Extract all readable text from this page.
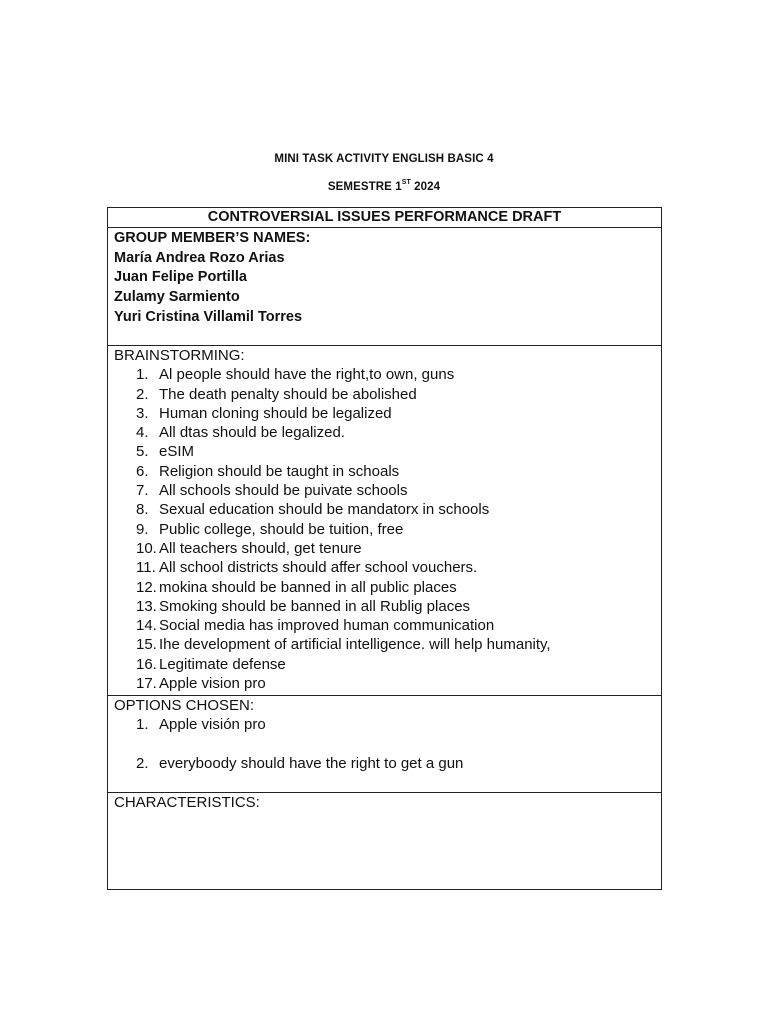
MINI TASK ACTIVITY ENGLISH BASIC 4
SEMESTRE 1ST 2024
CONTROVERSIAL ISSUES PERFORMANCE DRAFT

GROUP MEMBER’S NAMES:
María Andrea Rozo Arias
Juan Felipe Portilla
Zulamy Sarmiento
Yuri Cristina Villamil Torres

BRAINSTORMING:
1. Al people should have the right,to own, guns
2. The death penalty should be abolished
3. Human cloning should be legalized
4. All dtas should be legalized.
5. eSIM
6. Religion should be taught in schoals
7. All schools should be puivate schools
8. Sexual education should be mandatorx in schools
9. Public college, should be tuition, free
10. All teachers should, get tenure
11. All school districts should affer school vouchers.
12. mokina should be banned in all public places
13. Smoking should be banned in all Rublig places
14. Social media has improved human communication
15. Ihe development of artificial intelligence. will help humanity,
16. Legitimate defense
17. Apple vision pro

OPTIONS CHOSEN:
1. Apple visión pro
2. everyboody should have the right to get a gun

CHARACTERISTICS:
